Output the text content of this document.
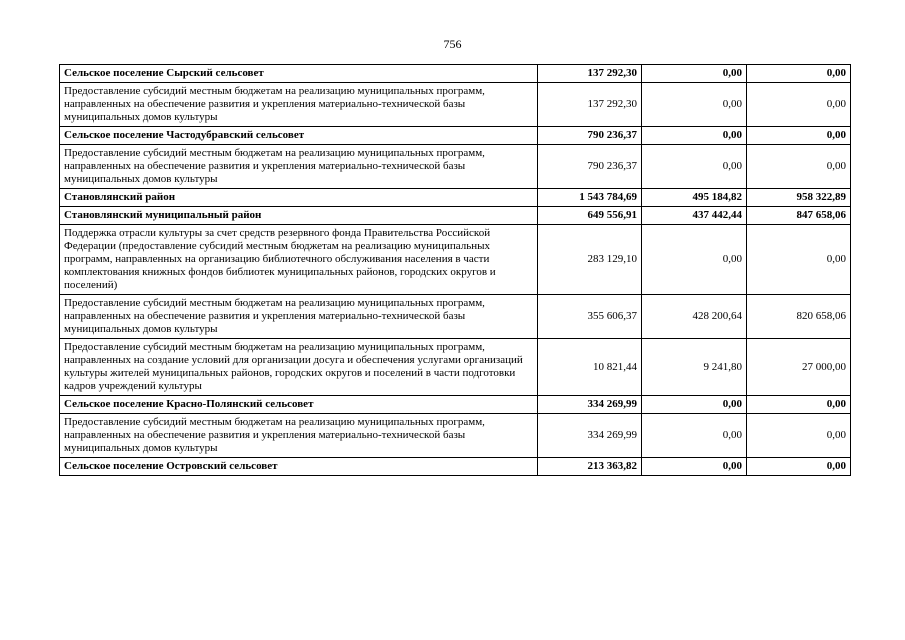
756
Сельское поселение Сырский сельсовет	137 292,30	0,00	0,00
Предоставление субсидий местным бюджетам на реализацию муниципальных программ, направленных на обеспечение развития и укрепления материально-технической базы муниципальных домов культуры	137 292,30	0,00	0,00
Сельское поселение Частодубравский сельсовет	790 236,37	0,00	0,00
Предоставление субсидий местным бюджетам на реализацию муниципальных программ, направленных на обеспечение развития и укрепления материально-технической базы муниципальных домов культуры	790 236,37	0,00	0,00
Становлянский район	1 543 784,69	495 184,82	958 322,89
Становлянский муниципальный район	649 556,91	437 442,44	847 658,06
Поддержка отрасли культуры за счет средств резервного фонда Правительства Российской Федерации (предоставление субсидий местным бюджетам на реализацию муниципальных программ, направленных на организацию библиотечного обслуживания населения в части комплектования книжных фондов библиотек муниципальных районов, городских округов и поселений)	283 129,10	0,00	0,00
Предоставление субсидий местным бюджетам на реализацию муниципальных программ, направленных на обеспечение развития и укрепления материально-технической базы муниципальных домов культуры	355 606,37	428 200,64	820 658,06
Предоставление субсидий местным бюджетам на реализацию муниципальных программ, направленных на создание условий для организации досуга и обеспечения услугами организаций культуры жителей муниципальных районов, городских округов и поселений в части подготовки кадров учреждений культуры	10 821,44	9 241,80	27 000,00
Сельское поселение Красно-Полянский сельсовет	334 269,99	0,00	0,00
Предоставление субсидий местным бюджетам на реализацию муниципальных программ, направленных на обеспечение развития и укрепления материально-технической базы муниципальных домов культуры	334 269,99	0,00	0,00
Сельское поселение Островский сельсовет	213 363,82	0,00	0,00
